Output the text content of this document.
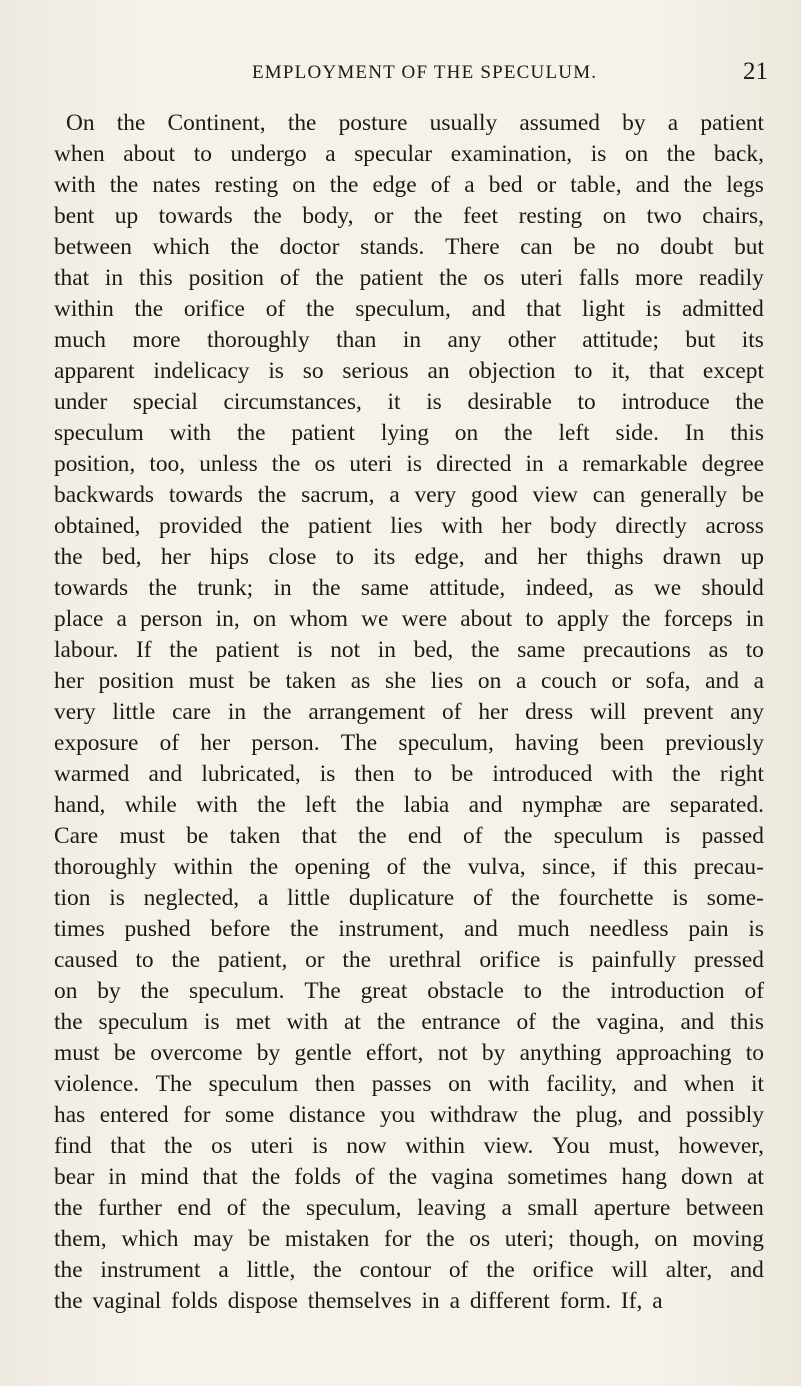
EMPLOYMENT OF THE SPECULUM.	21
On the Continent, the posture usually assumed by a patient
when about to undergo a specular examination, is on the back,
with the nates resting on the edge of a bed or table, and the legs
bent up towards the body, or the feet resting on two chairs,
between which the doctor stands. There can be no doubt but
that in this position of the patient the os uteri falls more readily
within the orifice of the speculum, and that light is admitted
much more thoroughly than in any other attitude; but its
apparent indelicacy is so serious an objection to it, that except
under special circumstances, it is desirable to introduce the
speculum with the patient lying on the left side. In this
position, too, unless the os uteri is directed in a remarkable degree
backwards towards the sacrum, a very good view can generally be
obtained, provided the patient lies with her body directly across
the bed, her hips close to its edge, and her thighs drawn up
towards the trunk; in the same attitude, indeed, as we should
place a person in, on whom we were about to apply the forceps in
labour. If the patient is not in bed, the same precautions as to
her position must be taken as she lies on a couch or sofa, and a
very little care in the arrangement of her dress will prevent any
exposure of her person. The speculum, having been previously
warmed and lubricated, is then to be introduced with the right
hand, while with the left the labia and nymphæ are separated.
Care must be taken that the end of the speculum is passed
thoroughly within the opening of the vulva, since, if this precau-
tion is neglected, a little duplicature of the fourchette is some-
times pushed before the instrument, and much needless pain is
caused to the patient, or the urethral orifice is painfully pressed
on by the speculum. The great obstacle to the introduction of
the speculum is met with at the entrance of the vagina, and this
must be overcome by gentle effort, not by anything approaching to
violence. The speculum then passes on with facility, and when it
has entered for some distance you withdraw the plug, and possibly
find that the os uteri is now within view. You must, however,
bear in mind that the folds of the vagina sometimes hang down at
the further end of the speculum, leaving a small aperture between
them, which may be mistaken for the os uteri; though, on moving
the instrument a little, the contour of the orifice will alter, and
the vaginal folds dispose themselves in a different form. If, a
